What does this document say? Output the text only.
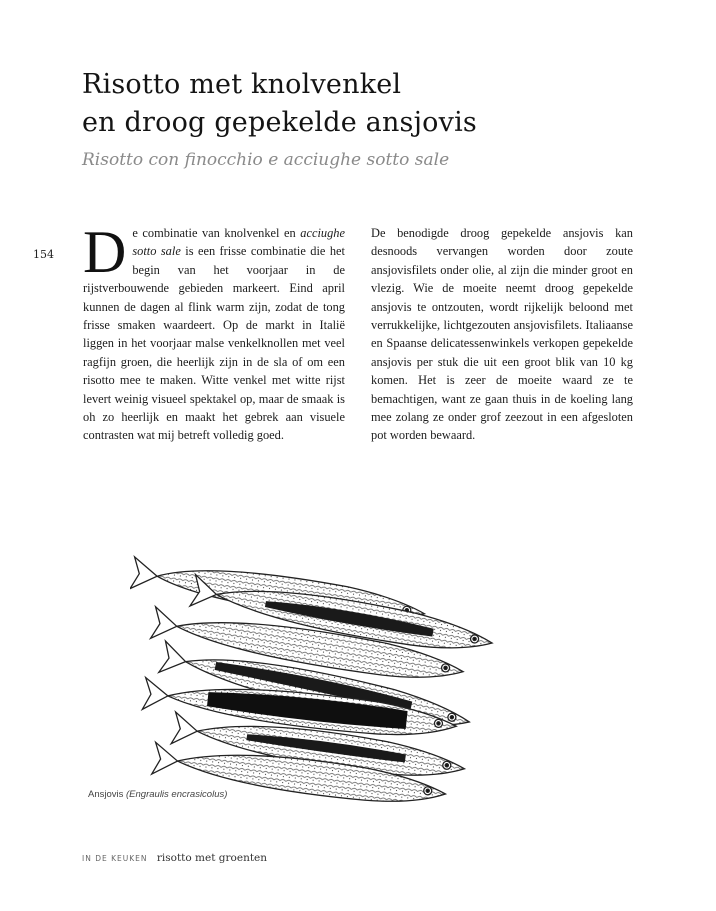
Risotto met knolvenkel
en droog gepekelde ansjovis

Risotto con finocchio e acciughe sotto sale

154 De combinatie van knolvenkel en acciughe sotto sale is een frisse combinatie die het begin van het voorjaar in de rijstverbouwende gebieden markeert. Eind april kunnen de dagen al flink warm zijn, zodat de tong frisse smaken waardeert. Op de markt in Italië liggen in het voorjaar malse venkelknollen met veel ragfijn groen, die heerlijk zijn in de sla of om een risotto mee te maken. Witte venkel met witte rijst levert weinig visueel spektakel op, maar de smaak is oh zo heerlijk en maakt het gebrek aan visuele contrasten wat mij betreft volledig goed.

De benodigde droog gepekelde ansjovis kan desnoods vervangen worden door zoute ansjovisfilets onder olie, al zijn die minder groot en vlezig. Wie de moeite neemt droog gepekelde ansjovis te ontzouten, wordt rijkelijk beloond met verrukkelijke, lichtgezouten ansjovisfilets. Italiaanse en Spaanse delicatessenwinkels verkopen gepekelde ansjovis per stuk die uit een groot blik van 10 kg komen. Het is zeer de moeite waard ze te bemachtigen, want ze gaan thuis in de koeling lang mee zolang ze onder grof zeezout in een afgesloten pot worden bewaard.

Ansjovis (Engraulis encrasicolus)
IN DE KEUKEN risotto met groenten
